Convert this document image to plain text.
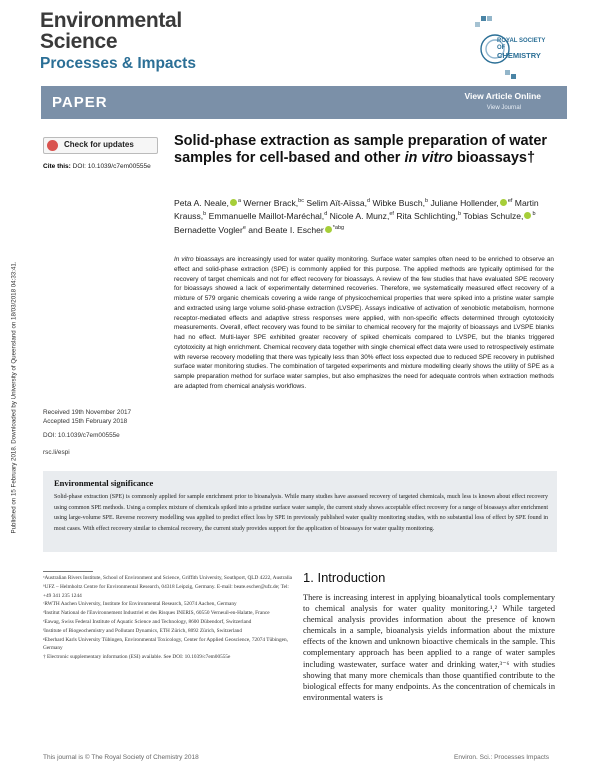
Environmental
Science
Processes & Impacts
ROYAL SOCIETY
OF
CHEMISTRY
PAPER	View Article Online
View Journal
Published on 15 February 2018. Downloaded by University of Queensland on 18/03/2018 04:33:41.
Check for updates
Cite this: DOI: 10.1039/c7em00555e
Solid-phase extraction as sample preparation of water samples for cell-based and other in vitro bioassays†
Peta A. Neale, $^a$ Werner Brack,$^{bc}$ Selim Aït-Aïssa,$^d$ Wibke Busch,$^b$ Juliane Hollender, $^{ef}$ Martin Krauss,$^b$ Emmanuelle Maillot-Maréchal,$^d$ Nicole A. Munz,$^{ef}$ Rita Schlichting,$^b$ Tobias Schulze, $^b$ Bernadette Vogler$^e$ and Beate I. Escher $^{*abg}$
In vitro bioassays are increasingly used for water quality monitoring. Surface water samples often need to be enriched to observe an effect and solid-phase extraction (SPE) is commonly applied for this purpose. The applied methods are typically optimised for the recovery of target chemicals and not for effect recovery for bioassays. A review of the few studies that have evaluated SPE recovery for bioassays showed a lack of experimentally determined recoveries. Therefore, we systematically measured effect recovery of a mixture of 579 organic chemicals covering a wide range of physicochemical properties that were spiked into a pristine water sample and extracted using large volume solid-phase extraction (LVSPE). Assays indicative of activation of xenobiotic metabolism, hormone receptor-mediated effects and adaptive stress responses were applied, with non-specific effects determined through cytotoxicity measurements. Overall, effect recovery was found to be similar to chemical recovery for the majority of bioassays and LVSPE blanks had no effect. Multi-layer SPE exhibited greater recovery of spiked chemicals compared to LVSPE, but the blanks triggered cytotoxicity at high enrichment. Chemical recovery data together with single chemical effect data were used to retrospectively estimate with reverse recovery modelling that there was typically less than 30% effect loss expected due to reduced SPE recovery in published surface water monitoring studies. The combination of targeted experiments and mixture modelling clearly shows the utility of SPE as a sample preparation method for surface water samples, but also emphasizes the need for adequate controls when extraction methods are adapted from chemical analysis workflows.
Received 19th November 2017
Accepted 15th February 2018
DOI: 10.1039/c7em00555e
rsc.li/espi
Environmental significance
Solid-phase extraction (SPE) is commonly applied for sample enrichment prior to bioanalysis. While many studies have assessed recovery of targeted chemicals, much less is known about effect recovery using common SPE methods. Using a complex mixture of chemicals spiked into a pristine surface water sample, the current study shows acceptable effect recovery for a range of bioassays after enrichment using large-volume SPE. Reverse recovery modelling was applied to predict effect loss by SPE in previously published water quality monitoring studies, with no substantial loss of effect by SPE found in most cases. With effect recovery similar to chemical recovery, the current study provides support for the application of bioassays for water quality monitoring.

ᵃAustralian Rivers Institute, School of Environment and Science, Griffith University, Southport, QLD 4222, Australia

ᵇUFZ – Helmholtz Centre for Environmental Research, 04318 Leipzig, Germany. E-mail: beate.escher@ufz.de; Tel: +49 341 235 1244

ᶜRWTH Aachen University, Institute for Environmental Research, 52074 Aachen, Germany

ᵈInstitut National de l'Environnement Industriel et des Risques INERIS, 60550 Verneuil-en-Halatte, France

ᵉEawag, Swiss Federal Institute of Aquatic Science and Technology, 8600 Dübendorf, Switzerland

ᶠInstitute of Biogeochemistry and Pollutant Dynamics, ETH Zürich, 8092 Zürich, Switzerland

ᵍEberhard Karls University Tübingen, Environmental Toxicology, Center for Applied Geoscience, 72074 Tübingen, Germany

† Electronic supplementary information (ESI) available. See DOI: 10.1039/c7em00555e

1. Introduction
There is increasing interest in applying bioanalytical tools complementary to chemical analysis for water quality monitoring.¹,² While targeted chemical analysis provides information about the presence of known chemicals in a sample, bioanalysis yields information about the mixture effects of the known and unknown bioactive chemicals in the sample. This complementary approach has been applied to a range of water samples including wastewater, surface water and drinking water,³⁻⁶ with studies showing that many more chemicals than those quantified contribute to the biological effects for many endpoints. As the concentration of chemicals in environmental waters is
This journal is © The Royal Society of Chemistry 2018	Environ. Sci.: Processes Impacts
